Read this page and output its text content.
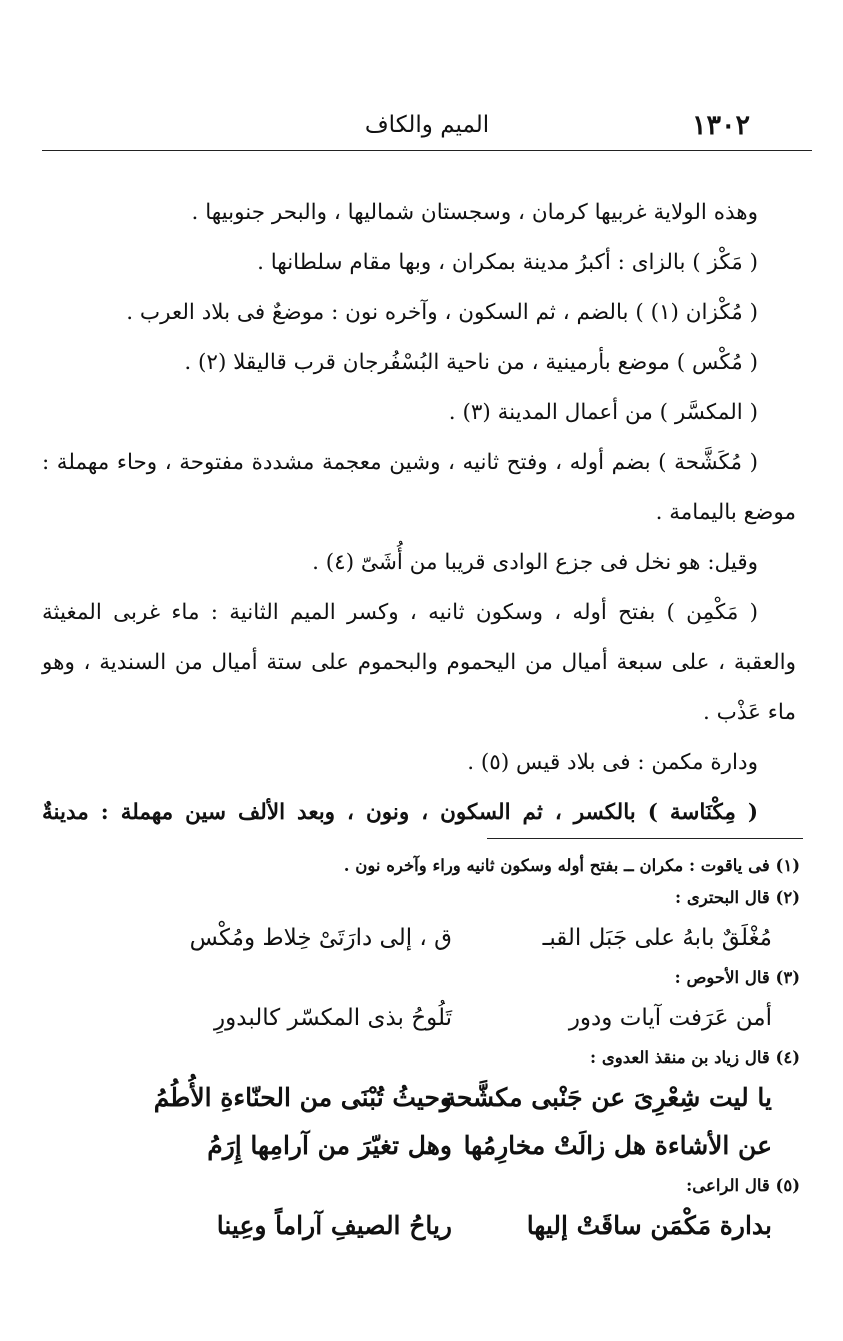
١٣٠٢
الميم والكاف
وهذه الولاية غربيها كرمان ، وسجستان شماليها ، والبحر جنوبيها .
( مَكْز ) بالزاى : أكبرُ مدينة بمكران ، وبها مقام سلطانها .
( مُكْزان (١) ) بالضم ، ثم السكون ، وآخره نون : موضعٌ فى بلاد العرب .
( مُكْس ) موضع بأرمينية ، من ناحية البُسْفُرجان قرب قاليقلا (٢) .
( المكسَّر ) من أعمال المدينة (٣) .
( مُكَشَّحة ) بضم أوله ، وفتح ثانيه ، وشين معجمة مشددة مفتوحة ، وحاء مهملة :
موضع باليمامة .
وقيل: هو نخل فى جزع الوادى قريبا من أُشَىّ (٤) .
( مَكْمِن ) بفتح أوله ، وسكون ثانيه ، وكسر الميم الثانية : ماء غربى المغيثة
والعقبة ، على سبعة أميال من اليحموم والبحموم على ستة أميال من السندية ، وهو
ماء عَذْب .
ودارة مكمن : فى بلاد قيس (٥) .
( مِكْنَاسة ) بالكسر ، ثم السكون ، ونون ، وبعد الألف سين مهملة : مدينةٌ
(١) فى ياقوت : مكران ــ بفتح أوله وسكون ثانيه وراء وآخره نون .
(٢) قال البحترى :
مُغْلَقٌ بابهُ على جَبَل القبـ
ق ، إلى دارَتَىْ خِلاط ومُكْس
(٣) قال الأحوص :
أمن عَرَفت آيات ودور
تَلُوحُ بذى المكسّر كالبدورِ
(٤) قال زياد بن منقذ العدوى :
يا ليت شِعْرِىَ عن جَنْبى مكشَّحة
وحيثُ تُبْنَى من الحنّاءةِ الأُطُمُ
عن الأشاءة هل زالَتْ مخارِمُها
وهل تغيّرَ من آرامِها إِرَمُ
(٥) قال الراعى:
بدارة مَكْمَن ساقَتْ إليها
رياحُ الصيفِ آراماً وعِينا
